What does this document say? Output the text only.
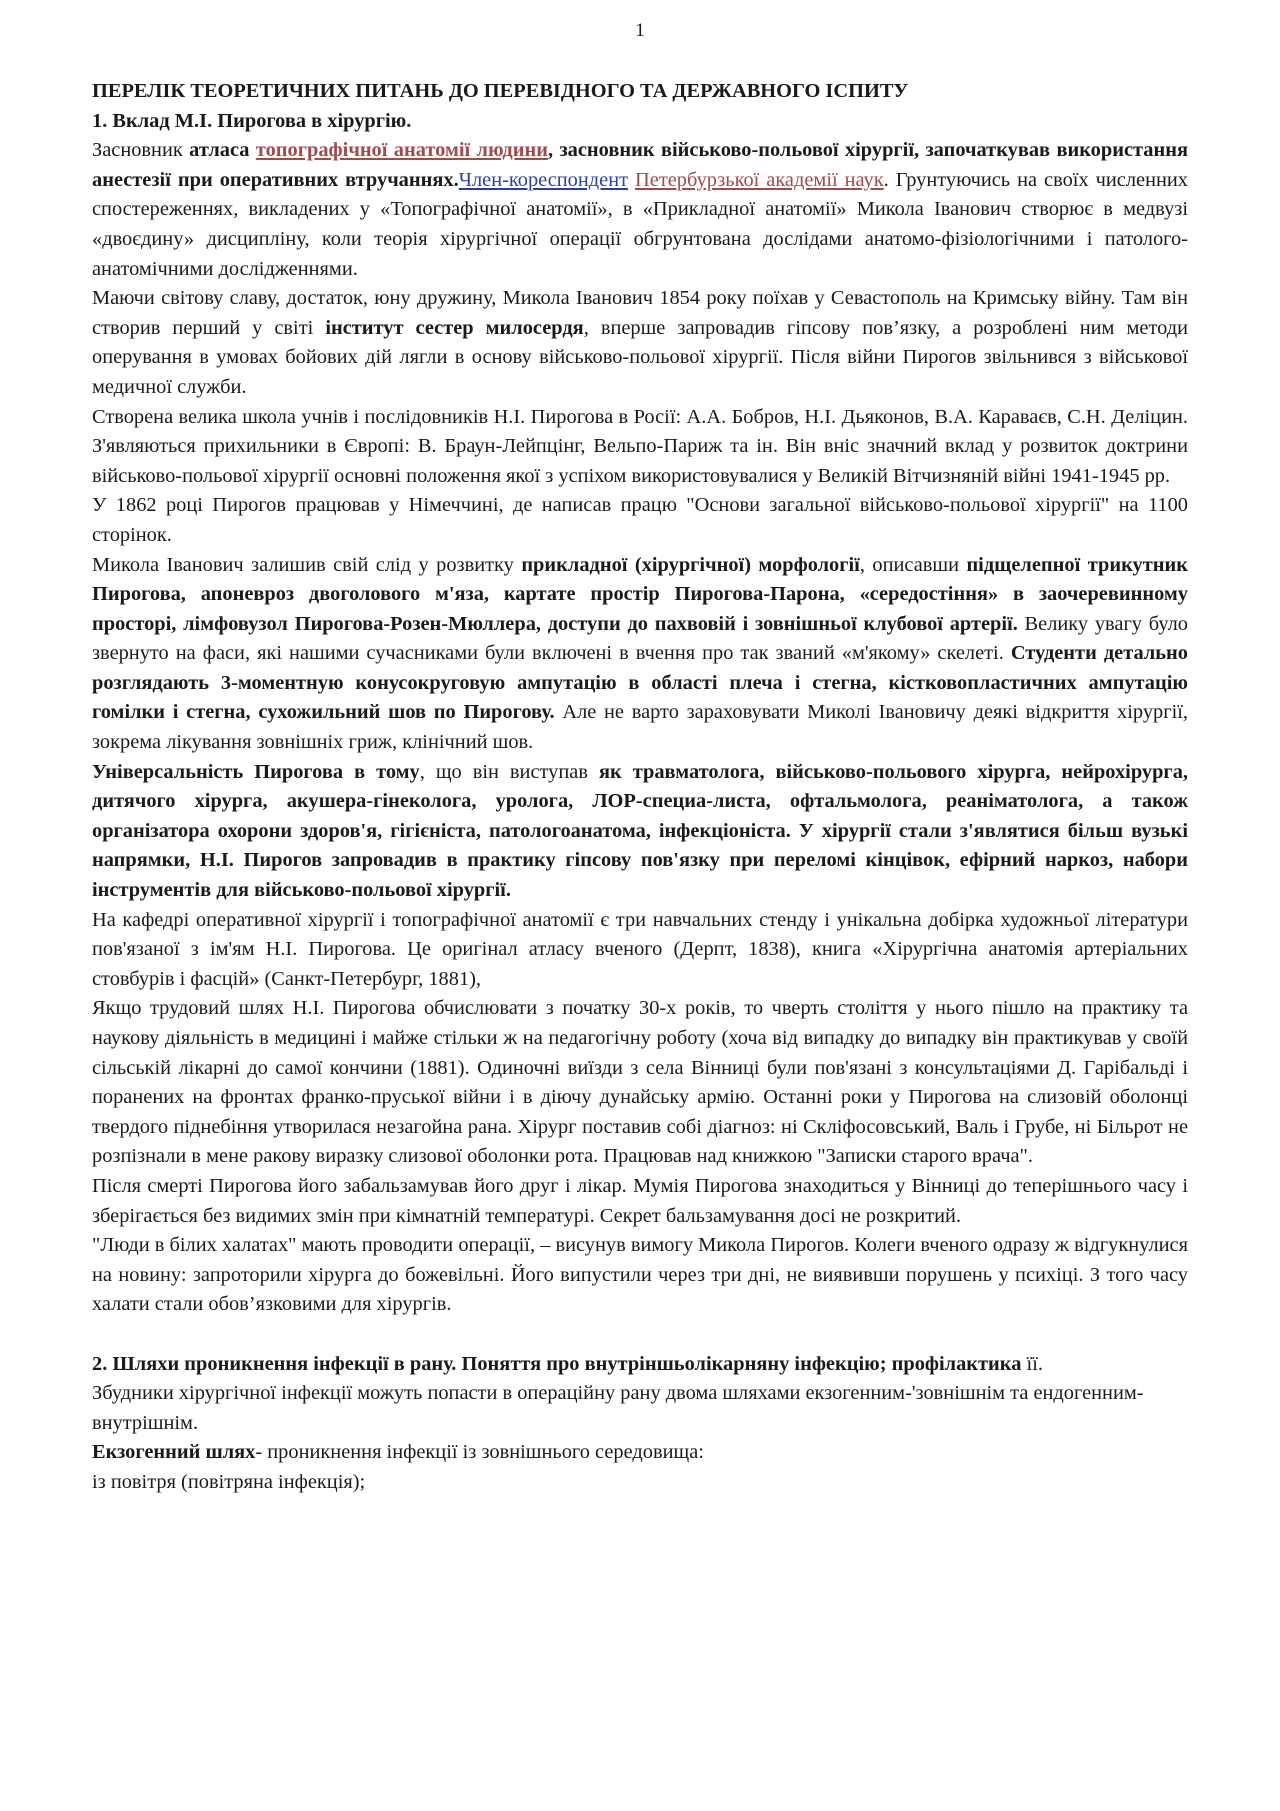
1

ПЕРЕЛІК ТЕОРЕТИЧНИХ ПИТАНЬ ДО ПЕРЕВІДНОГО ТА ДЕРЖАВНОГО ІСПИТУ

1. Вклад М.І. Пирогова в хірургію.

Засновник атласа топографічної анатомії людини, засновник військово-польової хірургії, започаткував використання анестезії при оперативних втручаннях.Член-кореспондент Петербурзької академії наук. Грунтуючись на своїх численних спостереженнях, викладених у «Топографічної анатомії», в «Прикладної анатомії» Микола Іванович створює в медвузі «двоєдину» дисципліну, коли теорія хірургічної операції обгрунтована дослідами анатомо-фізіологічними і патолого-анатомічними дослідженнями.

Маючи світову славу, достаток, юну дружину, Микола Іванович 1854 року поїхав у Севастополь на Кримську війну. Там він створив перший у світі інститут сестер милосердя, вперше запровадив гіпсову пов’язку, а розроблені ним методи оперування в умовах бойових дій лягли в основу військово-польової хірургії. Після війни Пирогов звільнився з військової медичної служби.

Створена велика школа учнів і послідовників Н.І. Пирогова в Росії: А.А. Бобров, Н.І. Дьяконов, В.А. Караваєв, С.Н. Деліцин. З'являються прихильники в Європі: В. Браун-Лейпцінг, Вельпо-Париж та ін. Він вніс значний вклад у розвиток доктрини військово-польової хірургії основні положення якої з успіхом використовувалися у Великій Вітчизняній війні 1941-1945 рр.

У 1862 році Пирогов працював у Німеччині, де написав працю "Основи загальної військово-польової хірургії" на 1100 сторінок.

Микола Іванович залишив свій слід у розвитку прикладної (хірургічної) морфології, описавши підщелепної трикутник Пирогова, апоневроз двоголового м'яза, картате простір Пирогова-Парона, «середостіння» в заочеревинному просторі, лімфовузол Пирогова-Розен-Мюллера, доступи до пахвовій і зовнішньої клубової артерії. Велику увагу було звернуто на фаси, які нашими сучасниками були включені в вчення про так званий «м'якому» скелеті. Студенти детально розглядають 3-моментную конусокруговую ампутацію в області плеча і стегна, кістковопластичних ампутацію гомілки і стегна, сухожильний шов по Пирогову. Але не варто зараховувати Миколі Івановичу деякі відкриття хірургії, зокрема лікування зовнішніх гриж, клінічний шов.

Універсальність Пирогова в тому, що він виступав як травматолога, військово-польового хірурга, нейрохірурга, дитячого хірурга, акушера-гінеколога, уролога, ЛОР-специа-листа, офтальмолога, реаніматолога, а також організатора охорони здоров'я, гігієніста, патологоанатома, інфекціоніста. У хірургії стали з'являтися більш вузькі напрямки, Н.І. Пирогов запровадив в практику гіпсову пов'язку при переломі кінцівок, ефірний наркоз, набори інструментів для військово-польової хірургії.

На кафедрі оперативної хірургії і топографічної анатомії є три навчальних стенду і унікальна добірка художньої літератури пов'язаної з ім'ям Н.І. Пирогова. Це оригінал атласу вченого (Дерпт, 1838), книга «Хірургічна анатомія артеріальних стовбурів і фасцій» (Санкт-Петербург, 1881),

Якщо трудовий шлях Н.І. Пирогова обчислювати з початку 30-х років, то чверть століття у нього пішло на практику та наукову діяльність в медицині і майже стільки ж на педагогічну роботу (хоча від випадку до випадку він практикував у своїй сільській лікарні до самої кончини (1881). Одиночні виїзди з села Вінниці були пов'язані з консультаціями Д. Гарібальді і поранених на фронтах франко-пруської війни і в діючу дунайську армію. Останні роки у Пирогова на слизовій оболонці твердого піднебіння утворилася незагойна рана. Хірург поставив собі діагноз: ні Скліфосовський, Валь і Грубе, ні Більрот не розпізнали в мене ракову виразку слизової оболонки рота. Працював над книжкою "Записки старого врача".

Після смерті Пирогова його забальзамував його друг і лікар. Мумія Пирогова знаходиться у Вінниці до теперішнього часу і зберігається без видимих змін при кімнатній температурі. Секрет бальзамування досі не розкритий.

"Люди в білих халатах" мають проводити операції, – висунув вимогу Микола Пирогов. Колеги вченого одразу ж відгукнулися на новину: запроторили хірурга до божевільні. Його випустили через три дні, не виявивши порушень у психіці. З того часу халати стали обов’язковими для хірургів.

2. Шляхи проникнення інфекції в рану. Поняття про внутріншьолікарняну інфекцію; профілактика її.

Збудники хірургічної інфекції можуть попасти в операційну рану двома шляхами екзогенним-'зовнішнім та ендогенним-внутрішнім.

Екзогенний шлях- проникнення інфекції із зовнішнього середовища:

із повітря (повітряна інфекція);
